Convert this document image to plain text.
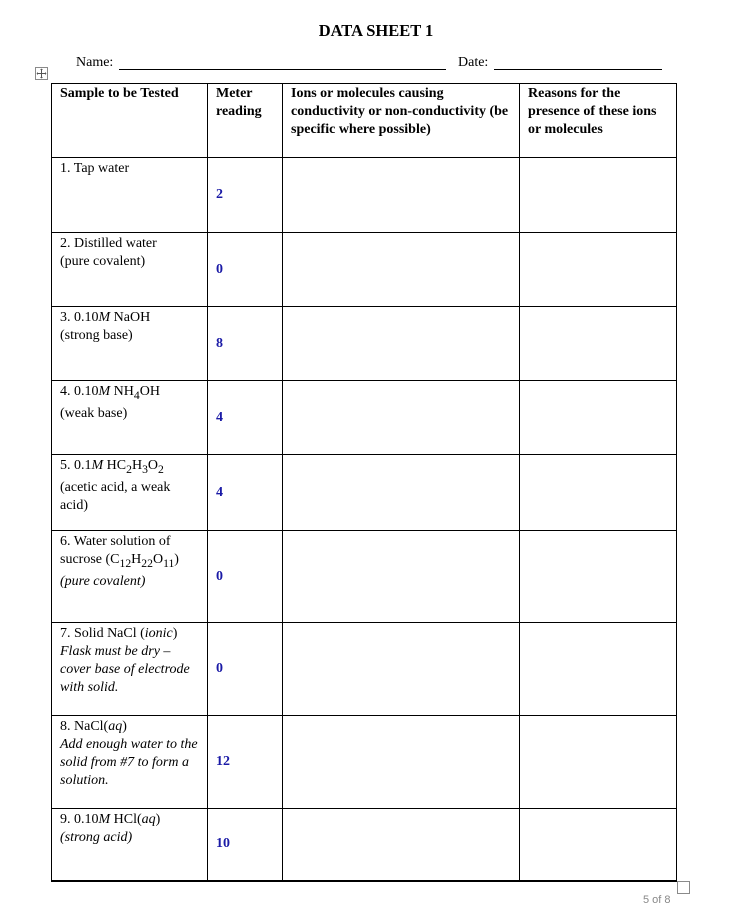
DATA SHEET 1
Name:	Date:
Sample to be Tested	Meter reading	Ions or molecules causing conductivity or non-conductivity (be specific where possible)	Reasons for the presence of these ions or molecules
1. Tap water	2		
2. Distilled water
(pure covalent)	0		
3. 0.10M NaOH
(strong base)	8		
4. 0.10M $NH_4OH$
(weak base)	4		
5. 0.1M $HC_2H_3O_2$
(acetic acid, a weak acid)	4		
6. Water solution of sucrose $(C_{12}H_{22}O_{11})$
(pure covalent)	0		
7. Solid NaCl (ionic)
Flask must be dry – cover base of electrode with solid.	0		
8. NaCl(aq)
Add enough water to the solid from #7 to form a solution.	12		
9. 0.10M HCl(aq)
(strong acid)	10		
5 of 8
